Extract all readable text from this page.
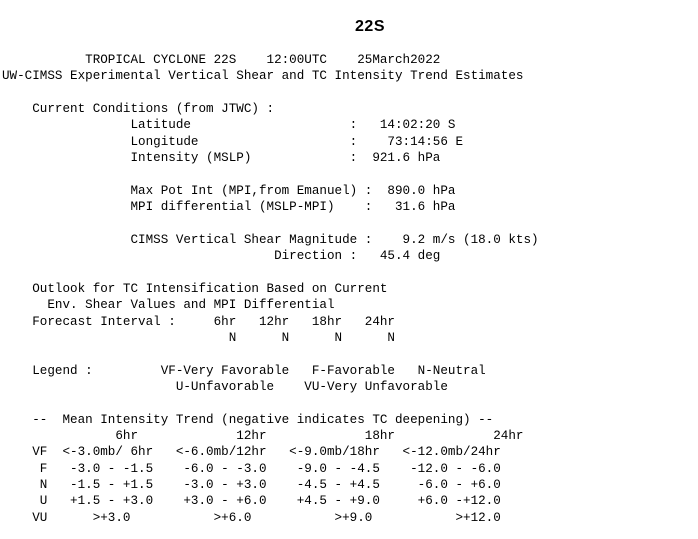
22S
TROPICAL CYCLONE 22S    12:00UTC    25March2022
UW-CIMSS Experimental Vertical Shear and TC Intensity Trend Estimates

Current Conditions (from JTWC) :
Latitude                     :   14:02:20 S
Longitude                    :    73:14:56 E
Intensity (MSLP)             :  921.6 hPa

Max Pot Int (MPI,from Emanuel) :  890.0 hPa
MPI differential (MSLP-MPI)    :   31.6 hPa

CIMSS Vertical Shear Magnitude :    9.2 m/s (18.0 kts)
Direction :   45.4 deg

Outlook for TC Intensification Based on Current
Env. Shear Values and MPI Differential
Forecast Interval :     6hr   12hr   18hr   24hr
N      N      N      N

Legend :         VF-Very Favorable   F-Favorable   N-Neutral
U-Unfavorable    VU-Very Unfavorable

--  Mean Intensity Trend (negative indicates TC deepening) --
6hr             12hr             18hr             24hr
VF  <-3.0mb/ 6hr   <-6.0mb/12hr   <-9.0mb/18hr   <-12.0mb/24hr
F   -3.0 - -1.5    -6.0 - -3.0    -9.0 - -4.5    -12.0 - -6.0
N   -1.5 - +1.5    -3.0 - +3.0    -4.5 - +4.5     -6.0 - +6.0
U   +1.5 - +3.0    +3.0 - +6.0    +4.5 - +9.0     +6.0 -+12.0
VU      >+3.0           >+6.0           >+9.0           >+12.0
